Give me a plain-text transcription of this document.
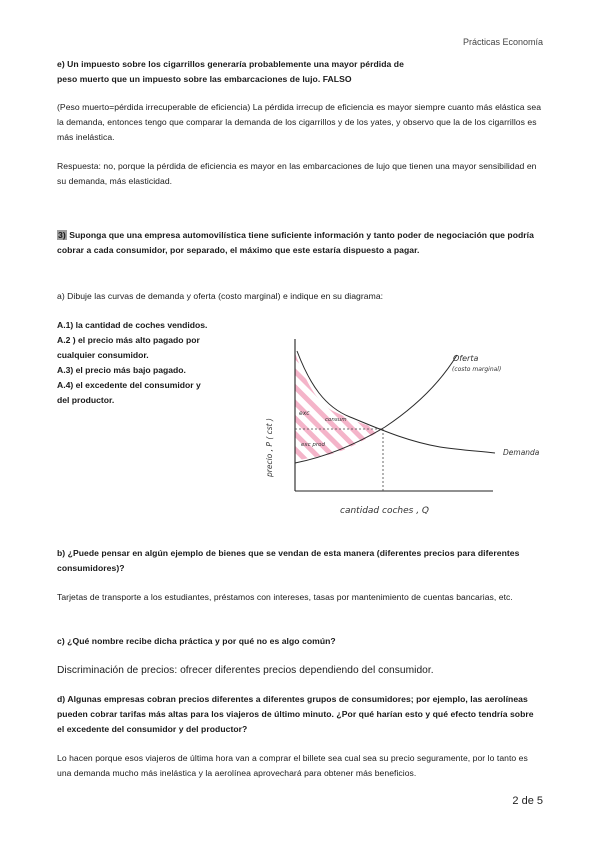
Prácticas Economía
e) Un impuesto sobre los cigarrillos generaría probablemente una mayor pérdida de
peso muerto que un impuesto sobre las embarcaciones de lujo. FALSO
(Peso muerto=pérdida irrecuperable de eficiencia) La pérdida irrecup de eficiencia es mayor siempre cuanto más elástica sea la demanda, entonces tengo que comparar la demanda de los cigarrillos y de los yates, y observo que la de los cigarrillos es más inelástica.
Respuesta: no, porque la pérdida de eficiencia es mayor en las embarcaciones de lujo que tienen una mayor sensibilidad en su demanda, más elasticidad.
3) Suponga que una empresa automovilística tiene suficiente información y tanto poder de negociación que podría cobrar a cada consumidor, por separado, el máximo que este estaría dispuesto a pagar.
a) Dibuje las curvas de demanda y oferta (costo marginal) e indique en su diagrama:
A.1) la cantidad de coches vendidos.
A.2 ) el precio más alto pagado por
cualquier consumidor.
A.3) el precio más bajo pagado.
A.4) el excedente del consumidor y
del productor.
precio , P ( cst )
cantidad coches , Q
Oferta
(costo marginal)
Demanda
exc
consum
exc prod
b) ¿Puede pensar en algún ejemplo de bienes que se vendan de esta manera (diferentes precios para diferentes consumidores)?
Tarjetas de transporte a los estudiantes, préstamos con intereses, tasas por mantenimiento de cuentas bancarias, etc.
c) ¿Qué nombre recibe dicha práctica y por qué no es algo común?
Discriminación de precios: ofrecer diferentes precios dependiendo del consumidor.
d) Algunas empresas cobran precios diferentes a diferentes grupos de consumidores; por ejemplo, las aerolíneas pueden cobrar tarifas más altas para los viajeros de último minuto. ¿Por qué harían esto y qué efecto tendría sobre el excedente del consumidor y del productor?
Lo hacen porque esos viajeros de última hora van a comprar el billete sea cual sea su precio seguramente, por lo tanto es una demanda mucho más inelástica y la aerolínea aprovechará para obtener más beneficios.
2 de 5
